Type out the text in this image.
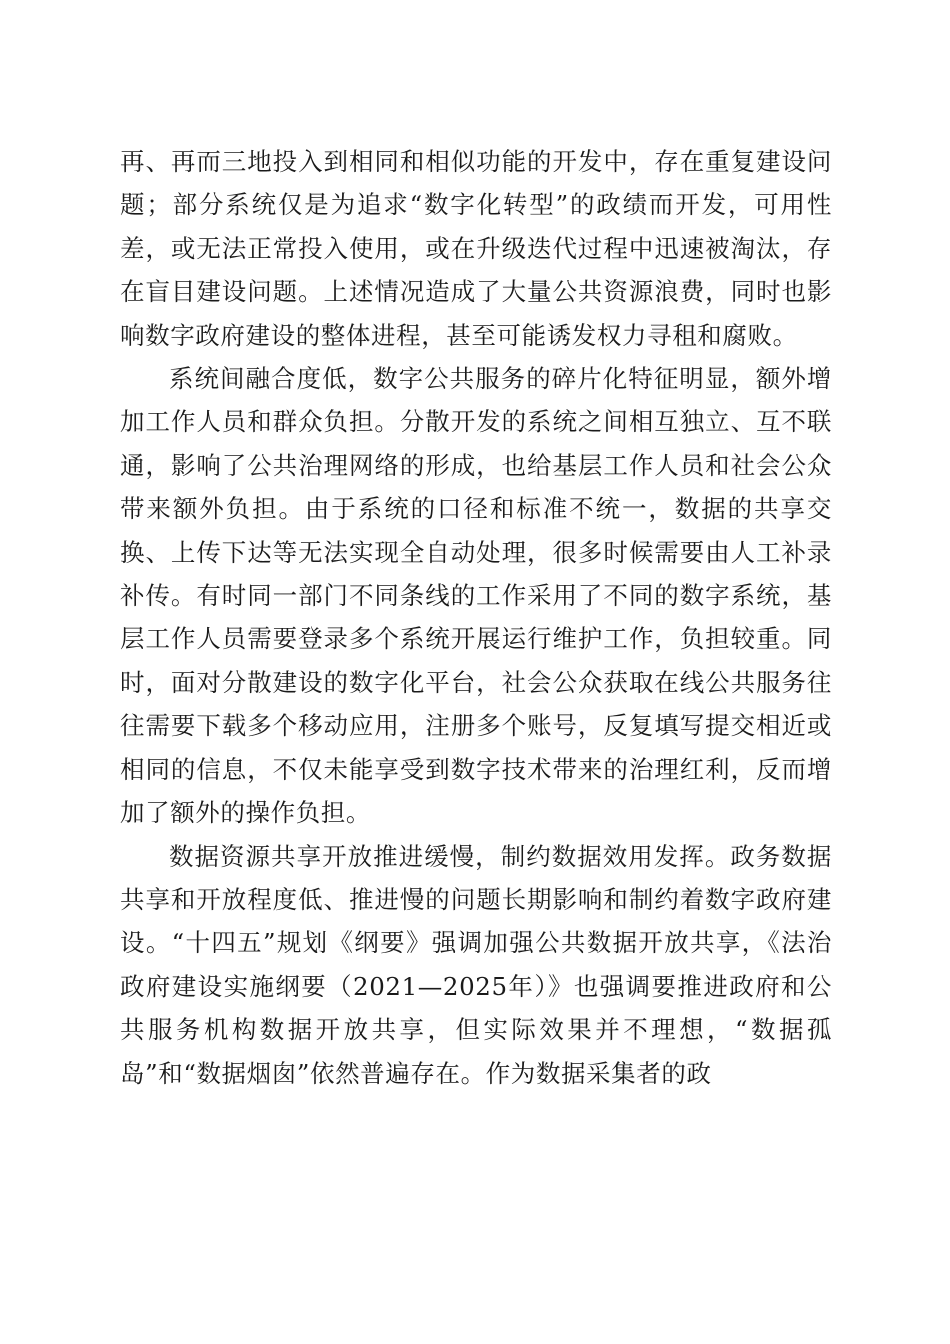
再、再而三地投入到相同和相似功能的开发中，存在重复建设问题；部分系统仅是为追求“数字化转型”的政绩而开发，可用性差，或无法正常投入使用，或在升级迭代过程中迅速被淘汰，存在盲目建设问题。上述情况造成了大量公共资源浪费，同时也影响数字政府建设的整体进程，甚至可能诱发权力寻租和腐败。

系统间融合度低，数字公共服务的碎片化特征明显，额外增加工作人员和群众负担。分散开发的系统之间相互独立、互不联通，影响了公共治理网络的形成，也给基层工作人员和社会公众带来额外负担。由于系统的口径和标准不统一，数据的共享交换、上传下达等无法实现全自动处理，很多时候需要由人工补录补传。有时同一部门不同条线的工作采用了不同的数字系统，基层工作人员需要登录多个系统开展运行维护工作，负担较重。同时，面对分散建设的数字化平台，社会公众获取在线公共服务往往需要下载多个移动应用，注册多个账号，反复填写提交相近或相同的信息，不仅未能享受到数字技术带来的治理红利，反而增加了额外的操作负担。

数据资源共享开放推进缓慢，制约数据效用发挥。政务数据共享和开放程度低、推进慢的问题长期影响和制约着数字政府建设。“十四五”规划《纲要》强调加强公共数据开放共享，《法治政府建设实施纲要（2021—2025年）》也强调要推进政府和公共服务机构数据开放共享，但实际效果并不理想，“数据孤岛”和“数据烟囱”依然普遍存在。作为数据采集者的政
